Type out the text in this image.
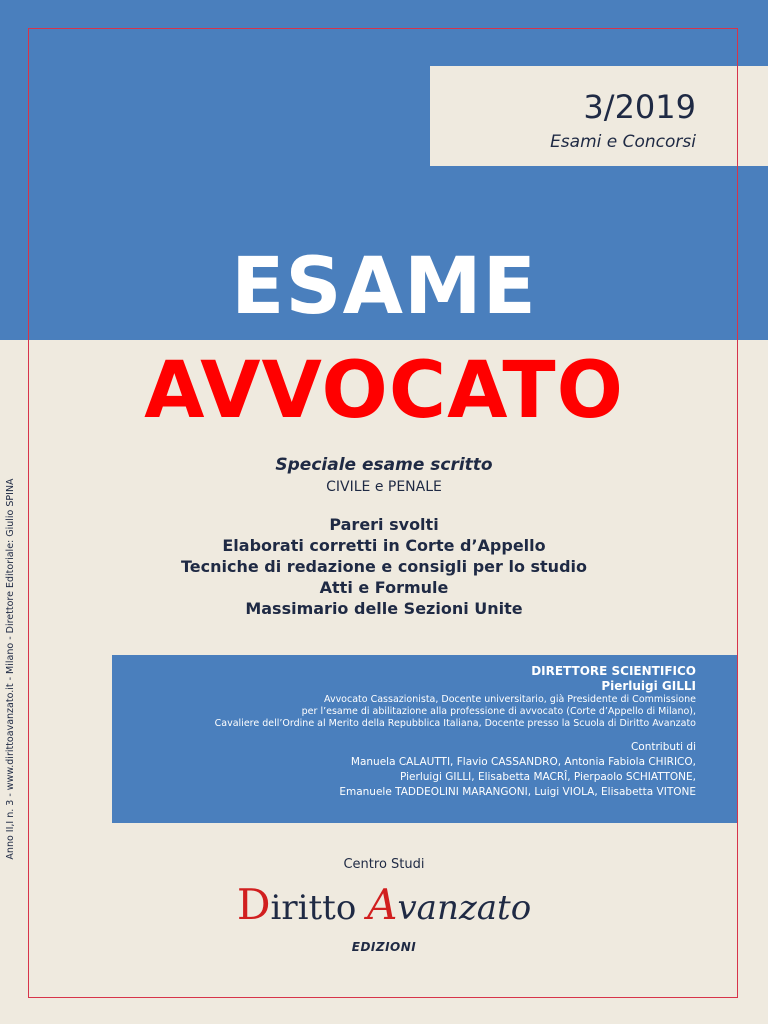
3/2019
Esami e Concorsi
ESAME
AVVOCATO
Speciale esame scritto
CIVILE e PENALE
Pareri svolti
Elaborati corretti in Corte d’Appello
Tecniche di redazione e consigli per lo studio
Atti e Formule
Massimario delle Sezioni Unite
DIRETTORE SCIENTIFICO
Pierluigi GILLI
Avvocato Cassazionista, Docente universitario, già Presidente di Commissione
per l’esame di abilitazione alla professione di avvocato (Corte d’Appello di Milano),
Cavaliere dell’Ordine al Merito della Repubblica Italiana, Docente presso la Scuola di Diritto Avanzato
Contributi di
Manuela CALAUTTI, Flavio CASSANDRO, Antonia Fabiola CHIRICO,
Pierluigi GILLI, Elisabetta MACRÎ, Pierpaolo SCHIATTONE,
Emanuele TADDEOLINI MARANGONI, Luigi VIOLA, Elisabetta VITONE
Centro Studi
Diritto Avanzato
EDIZIONI
Anno II,I n. 3 - www.dirittoavanzato.it - Milano - Direttore Editoriale: Giulio SPINA
